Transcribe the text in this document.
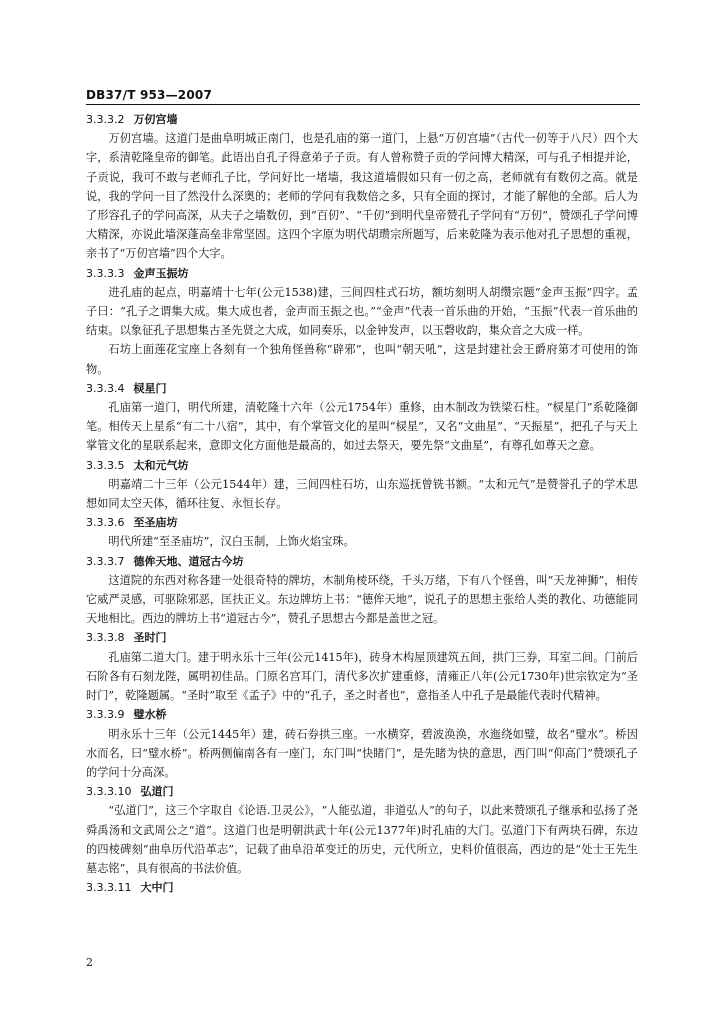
DB37/T 953—2007
3.3.3.2 万仞宫墙

万仞宫墙。这道门是曲阜明城正南门，也是孔庙的第一道门，上悬“万仞宫墙”（古代一仞等于八尺）四个大字，系清乾隆皇帝的御笔。此语出自孔子得意弟子子贡。有人曾称赞子贡的学问博大精深，可与孔子相提并论，子贡说，我可不敢与老师孔子比，学问好比一堵墙，我这道墙假如只有一仞之高，老师就有有数仞之高。就是说，我的学问一目了然没什么深奥的；老师的学问有我数倍之多，只有全面的探讨，才能了解他的全部。后人为了形容孔子的学问高深，从夫子之墙数仞，到“百仞”、“千仞”到明代皇帝赞孔子学问有“万仞”，赞颂孔子学问博大精深，亦说此墙深蓬高垒非常坚固。这四个字原为明代胡瓒宗所题写，后来乾隆为表示他对孔子思想的重视，亲书了“万仞宫墙”四个大字。

3.3.3.3 金声玉振坊

进孔庙的起点，明嘉靖十七年(公元1538)建，三间四柱式石坊，额坊刻明人胡缵宗题“金声玉振”四字。孟子曰：“孔子之谓集大成。集大成也者，金声而玉振之也。”“金声”代表一首乐曲的开始，“玉振”代表一首乐曲的结束。以象征孔子思想集古圣先贤之大成，如同奏乐，以金钟发声，以玉磬收韵，集众音之大成一样。

石坊上面莲花宝座上各刻有一个独角怪兽称“辟邪”，也叫“朝天吼”，这是封建社会王爵府第才可使用的饰物。

3.3.3.4 棂星门

孔庙第一道门，明代所建，清乾隆十六年（公元1754年）重修，由木制改为铁梁石柱。“棂星门”系乾隆御笔。相传天上星系“有二十八宿”，其中，有个掌管文化的星叫“棂星”，又名“文曲星”、“天振星”，把孔子与天上掌管文化的星联系起来，意即文化方面他是最高的，如过去祭天，要先祭“文曲星”，有尊孔如尊天之意。

3.3.3.5 太和元气坊

明嘉靖二十三年（公元1544年）建，三间四柱石坊，山东巡抚曾铣书额。“太和元气”是赞誉孔子的学术思想如同太空天体，循环往复、永恒长存。

3.3.3.6 至圣庙坊

明代所建“至圣庙坊”，汉白玉制，上饰火焰宝珠。

3.3.3.7 德侔天地、道冠古今坊

这道院的东西对称各建一处很奇特的牌坊，木制角棱环绕，千头万绪，下有八个怪兽，叫“天龙神狮”，相传它威严灵感，可驱除邪恶，匡扶正义。东边牌坊上书：“德侔天地”，说孔子的思想主张给人类的教化、功德能同天地相比。西边的牌坊上书“道冠古今”，赞孔子思想古今都是盖世之冠。

3.3.3.8 圣时门

孔庙第二道大门。建于明永乐十三年(公元1415年)，砖身木构屋顶建筑五间，拱门三券，耳室二间。门前后石阶各有石刻龙陛，属明初佳品。门原名宫耳门，清代多次扩建重修，清雍正八年(公元1730年)世宗钦定为“圣时门”，乾隆题属。“圣时”取至《孟子》中的“孔子，圣之时者也”，意指圣人中孔子是最能代表时代精神。

3.3.3.9 璧水桥

明永乐十三年（公元1445年）建，砖石券拱三座。一水横穿，碧波涣涣，水迤绕如璧，故名“璧水”。桥因水而名，曰“璧水桥”。桥两侧偏南各有一座门，东门叫“快睹门”，是先睹为快的意思，西门叫“仰高门”赞颂孔子的学问十分高深。

3.3.3.10 弘道门

“弘道门”，这三个字取自《论语.卫灵公》，“人能弘道，非道弘人”的句子，以此来赞颂孔子继承和弘扬了尧舜禹汤和文武周公之“道”。这道门也是明朝洪武十年(公元1377年)时孔庙的大门。弘道门下有两块石碑，东边的四棱碑刻“曲阜历代沿革志”，记载了曲阜沿革变迁的历史，元代所立，史料价值很高，西边的是“处士王先生墓志铭”，具有很高的书法价值。

3.3.3.11 大中门

2
